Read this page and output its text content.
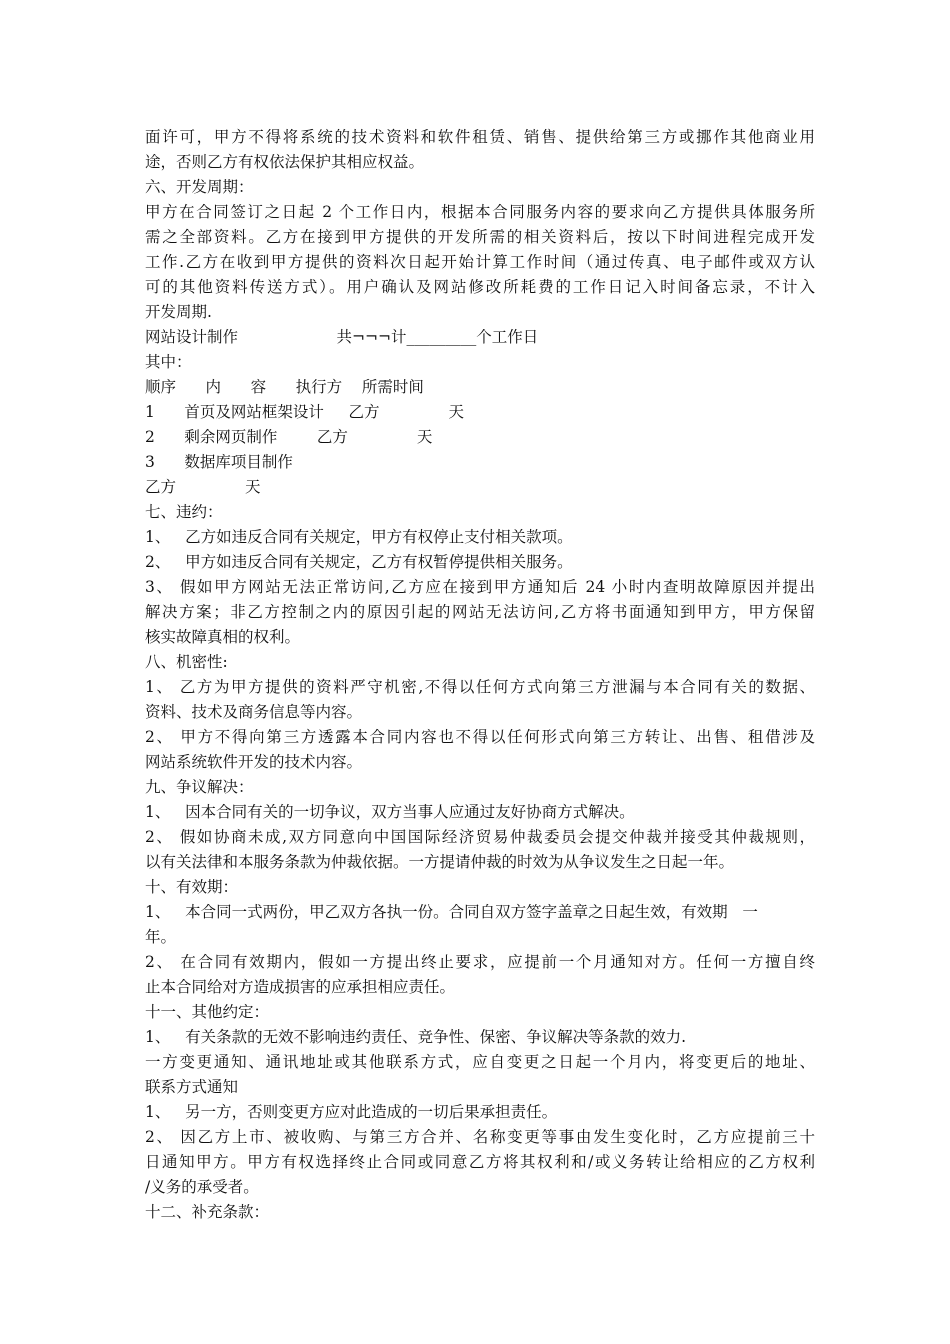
面许可，甲方不得将系统的技术资料和软件租赁、销售、提供给第三方或挪作其他商业用
途，否则乙方有权依法保护其相应权益。
六、开发周期：
甲方在合同签订之日起 2 个工作日内，根据本合同服务内容的要求向乙方提供具体服务所
需之全部资料。乙方在接到甲方提供的开发所需的相关资料后，按以下时间进程完成开发
工作.乙方在收到甲方提供的资料次日起开始计算工作时间（通过传真、电子邮件或双方认
可的其他资料传送方式）。用户确认及网站修改所耗费的工作日记入时间备忘录，不计入
开发周期.
网站设计制作                    共¬¬¬计_________个工作日
其中：
顺序      内      容      执行方    所需时间
1      首页及网站框架设计     乙方              天
2      剩余网页制作        乙方              天
3      数据库项目制作
乙方              天
七、违约：
1、   乙方如违反合同有关规定，甲方有权停止支付相关款项。
2、   甲方如违反合同有关规定，乙方有权暂停提供相关服务。
3、 假如甲方网站无法正常访问,乙方应在接到甲方通知后 24 小时内查明故障原因并提出
解决方案；非乙方控制之内的原因引起的网站无法访问,乙方将书面通知到甲方，甲方保留
核实故障真相的权利。
八、机密性:
1、 乙方为甲方提供的资料严守机密,不得以任何方式向第三方泄漏与本合同有关的数据、
资料、技术及商务信息等内容。
2、 甲方不得向第三方透露本合同内容也不得以任何形式向第三方转让、出售、租借涉及
网站系统软件开发的技术内容。
九、争议解决：
1、   因本合同有关的一切争议，双方当事人应通过友好协商方式解决。
2、 假如协商未成,双方同意向中国国际经济贸易仲裁委员会提交仲裁并接受其仲裁规则，
以有关法律和本服务条款为仲裁依据。一方提请仲裁的时效为从争议发生之日起一年。
十、有效期：
1、   本合同一式两份，甲乙双方各执一份。合同自双方签字盖章之日起生效，有效期   一
年。
2、 在合同有效期内，假如一方提出终止要求，应提前一个月通知对方。任何一方擅自终
止本合同给对方造成损害的应承担相应责任。
十一、其他约定：
1、   有关条款的无效不影响违约责任、竞争性、保密、争议解决等条款的效力.
一方变更通知、通讯地址或其他联系方式，应自变更之日起一个月内，将变更后的地址、
联系方式通知
1、   另一方，否则变更方应对此造成的一切后果承担责任。
2、 因乙方上市、被收购、与第三方合并、名称变更等事由发生变化时，乙方应提前三十
日通知甲方。甲方有权选择终止合同或同意乙方将其权利和/或义务转让给相应的乙方权利
/义务的承受者。
十二、补充条款：
